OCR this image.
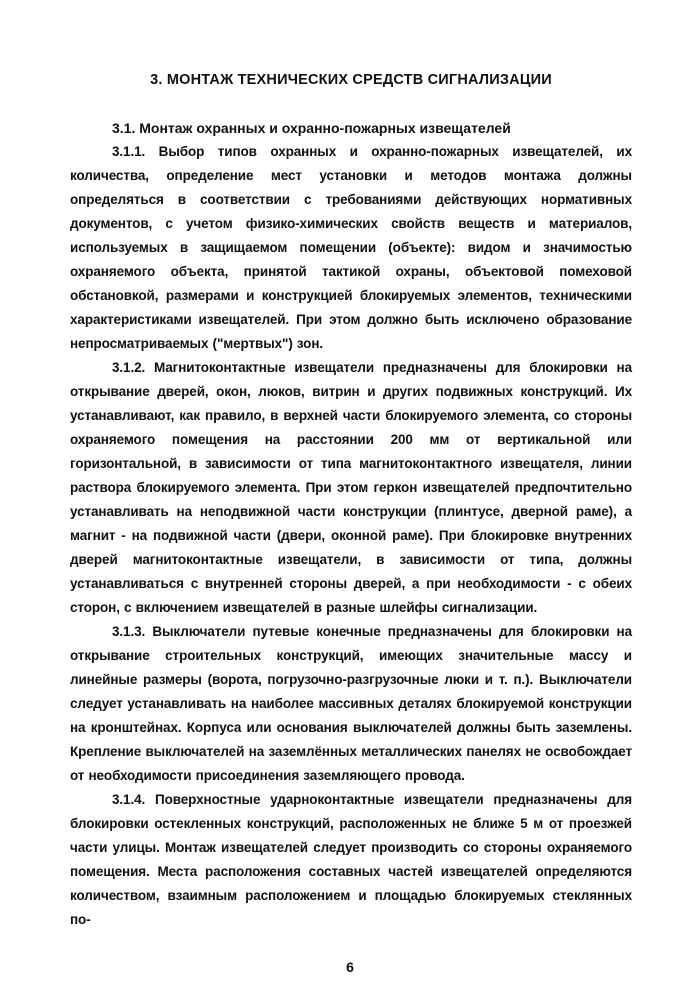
3. МОНТАЖ ТЕХНИЧЕСКИХ СРЕДСТВ СИГНАЛИЗАЦИИ
3.1. Монтаж охранных и охранно-пожарных извещателей

3.1.1. Выбор типов охранных и охранно-пожарных извещателей, их количества, определение мест установки и методов монтажа должны определяться в соответствии с требованиями действующих нормативных документов, с учетом физико-химических свойств веществ и материалов, используемых в защищаемом помещении (объекте): видом и значимостью охраняемого объекта, принятой тактикой охраны, объектовой помеховой обстановкой, размерами и конструкцией блокируемых элементов, техническими характеристиками извещателей. При этом должно быть исключено образование непросматриваемых ("мертвых") зон.

3.1.2. Магнитоконтактные извещатели предназначены для блокировки на открывание дверей, окон, люков, витрин и других подвижных конструкций. Их устанавливают, как правило, в верхней части блокируемого элемента, со стороны охраняемого помещения на расстоянии 200 мм от вертикальной или горизонтальной, в зависимости от типа магнитоконтактного извещателя, линии раствора блокируемого элемента. При этом геркон извещателей предпочтительно устанавливать на неподвижной части конструкции (плинтусе, дверной раме), а магнит - на подвижной части (двери, оконной раме). При блокировке внутренних дверей магнитоконтактные извещатели, в зависимости от типа, должны устанавливаться с внутренней стороны дверей, а при необходимости - с обеих сторон, с включением извещателей в разные шлейфы сигнализации.

3.1.3. Выключатели путевые конечные предназначены для блокировки на открывание строительных конструкций, имеющих значительные массу и линейные размеры (ворота, погрузочно-разгрузочные люки и т. п.). Выключатели следует устанавливать на наиболее массивных деталях блокируемой конструкции на кронштейнах. Корпуса или основания выключателей должны быть заземлены. Крепление выключателей на заземлённых металлических панелях не освобождает от необходимости присоединения заземляющего провода.

3.1.4. Поверхностные ударноконтактные извещатели предназначены для блокировки остекленных конструкций, расположенных не ближе 5 м от проезжей части улицы. Монтаж извещателей следует производить со стороны охраняемого помещения. Места расположения составных частей извещателей определяются количеством, взаимным расположением и площадью блокируемых стеклянных по-

6
